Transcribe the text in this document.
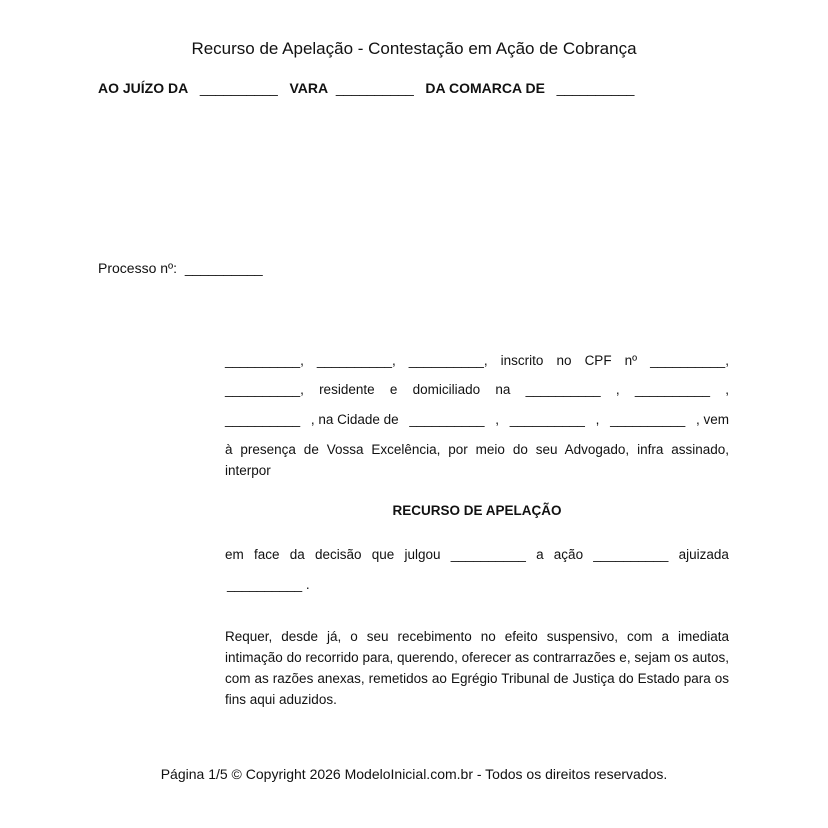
Recurso de Apelação - Contestação em Ação de Cobrança
AO JUÍZO DA __________ VARA __________ DA COMARCA DE __________
Processo nº: __________
__________, __________, __________, inscrito no CPF nº __________,
__________, residente e domiciliado na __________ , __________ ,
__________ , na Cidade de __________ , __________ , __________ , vem
à presença de Vossa Excelência, por meio do seu Advogado, infra assinado, interpor
RECURSO DE APELAÇÃO
em face da decisão que julgou __________ a ação __________ ajuizada
__________ .
Requer, desde já, o seu recebimento no efeito suspensivo, com a imediata intimação do recorrido para, querendo, oferecer as contrarrazões e, sejam os autos, com as razões anexas, remetidos ao Egrégio Tribunal de Justiça do Estado para os fins aqui aduzidos.
Página 1/5 © Copyright 2026 ModeloInicial.com.br - Todos os direitos reservados.
